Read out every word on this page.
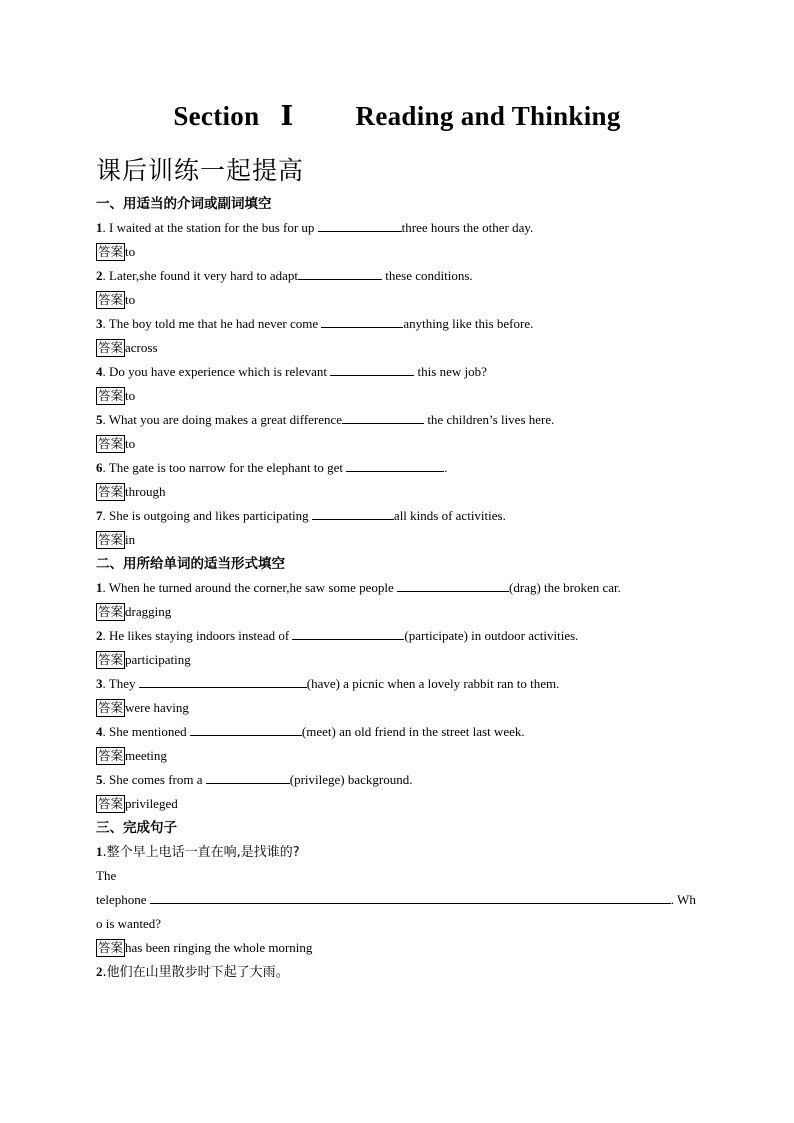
Section Ⅰ Reading and Thinking
课后训练一起提高
一、用适当的介词或副词填空
1. I waited at the station for the bus for up	three hours the other day.
答案 to
2. Later,she found it very hard to adapt	these conditions.
答案 to
3. The boy told me that he had never come	anything like this before.
答案 across
4. Do you have experience which is relevant	this new job?
答案 to
5. What you are doing makes a great difference	the children’s lives here.
答案 to
6. The gate is too narrow for the elephant to get	.
答案 through
7. She is outgoing and likes participating	all kinds of activities.
答案 in
二、用所给单词的适当形式填空
1. When he turned around the corner,he saw some people	(drag) the broken car.
答案 dragging
2. He likes staying indoors instead of	(participate) in outdoor activities.
答案 participating
3. They	(have) a picnic when a lovely rabbit ran to them.
答案 were having
4. She mentioned	(meet) an old friend in the street last week.
答案 meeting
5. She comes from a	(privilege) background.
答案 privileged
三、完成句子
1.整个早上电话一直在响,是找谁的?
The
telephone	. Wh
o is wanted?
答案 has been ringing the whole morning
2.他们在山里散步时下起了大雨。
